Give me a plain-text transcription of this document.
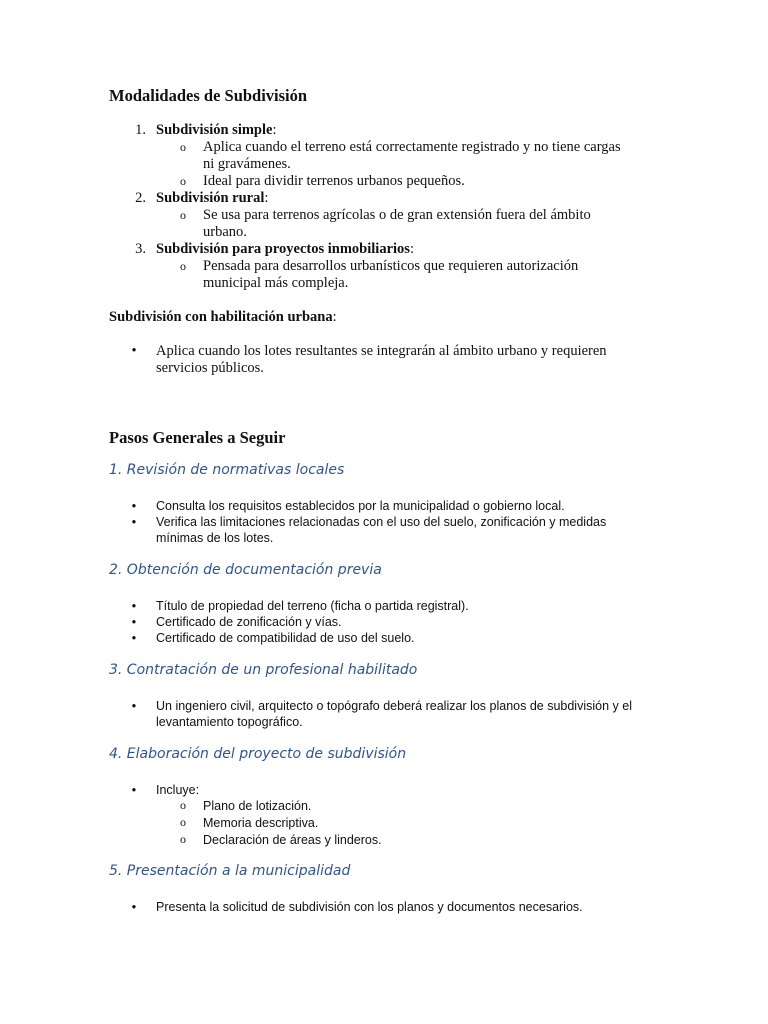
Modalidades de Subdivisión
1. Subdivisión simple:
o Aplica cuando el terreno está correctamente registrado y no tiene cargas
ni gravámenes.
o Ideal para dividir terrenos urbanos pequeños.
2. Subdivisión rural:
o Se usa para terrenos agrícolas o de gran extensión fuera del ámbito
urbano.
3. Subdivisión para proyectos inmobiliarios:
o Pensada para desarrollos urbanísticos que requieren autorización
municipal más compleja.
Subdivisión con habilitación urbana:
• Aplica cuando los lotes resultantes se integrarán al ámbito urbano y requieren
servicios públicos.
Pasos Generales a Seguir
1. Revisión de normativas locales
• Consulta los requisitos establecidos por la municipalidad o gobierno local.
• Verifica las limitaciones relacionadas con el uso del suelo, zonificación y medidas
mínimas de los lotes.
2. Obtención de documentación previa
• Título de propiedad del terreno (ficha o partida registral).
• Certificado de zonificación y vías.
• Certificado de compatibilidad de uso del suelo.
3. Contratación de un profesional habilitado
• Un ingeniero civil, arquitecto o topógrafo deberá realizar los planos de subdivisión y el
levantamiento topográfico.
4. Elaboración del proyecto de subdivisión
• Incluye:
o Plano de lotización.
o Memoria descriptiva.
o Declaración de áreas y linderos.
5. Presentación a la municipalidad
• Presenta la solicitud de subdivisión con los planos y documentos necesarios.
